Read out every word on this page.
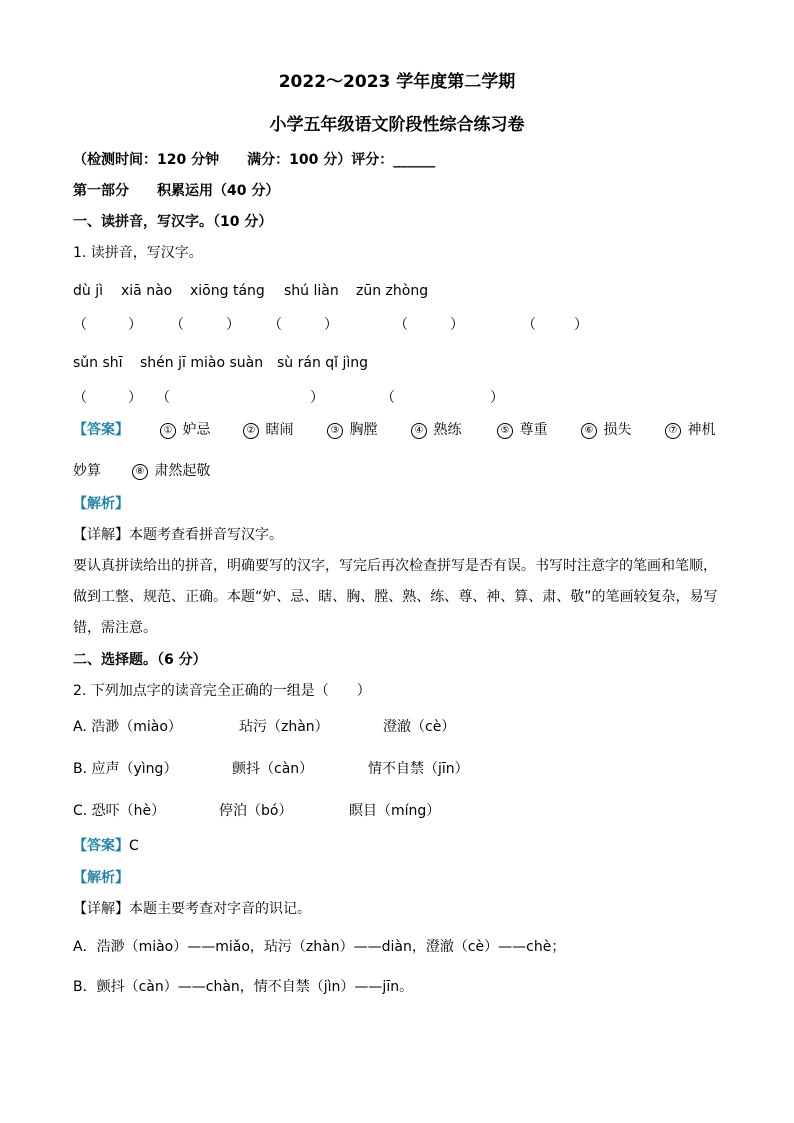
2022～2023 学年度第二学期
小学五年级语文阶段性综合练习卷
（检测时间：120 分钟　　满分：100 分）评分：______
第一部分　　积累运用（40 分）
一、读拼音，写汉字。（10 分）
1. 读拼音，写汉字。
dù jì xiā nào xiōng táng shú liàn zūn zhòng
（	） （	） （	）	（	）	（	）
sǔn shī shén jī miào suàn sù rán qǐ jìng
（	） （	）	（	）
【答案】	① 妒忌	② 瞎闹	③ 胸膛	④ 熟练	⑤ 尊重	⑥ 损失	⑦ 神机
妙算	⑧ 肃然起敬
【解析】
【详解】本题考查看拼音写汉字。
要认真拼读给出的拼音，明确要写的汉字，写完后再次检查拼写是否有误。书写时注意字的笔画和笔顺，做到工整、规范、正确。本题“妒、忌、瞎、胸、膛、熟、练、尊、神、算、肃、敬”的笔画较复杂，易写错，需注意。
二、选择题。（6 分）
2. 下列加点字的读音完全正确的一组是（　　）
A. 浩渺（miào）	玷污（zhàn）	澄澈（cè）
B. 应声（yìng）	颤抖（càn）	情不自禁（jīn）
C. 恐吓（hè）	停泊（bó）	瞑目（míng）
【答案】C
【解析】
【详解】本题主要考查对字音的识记。
A．浩渺（miào）——miǎo，玷污（zhàn）——diàn，澄澈（cè）——chè；
B．颤抖（càn）——chàn，情不自禁（jìn）——jīn。
